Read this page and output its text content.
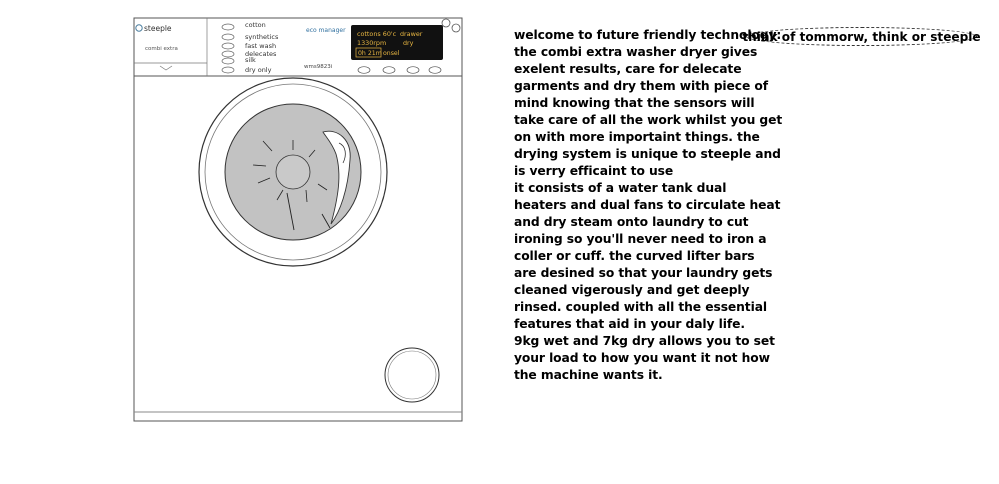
steeple
combi extra
cotton
synthetics
fast wash
delecates
silk
dry only
eco manager
wms9823i
cottons 60'c drawer
1330rpm	dry
0h 21m onsel
welcome to future friendly technology:
the combi extra washer dryer gives
exelent results, care for delecate
garments and dry them with piece of
mind knowing that the sensors will
take care of all the work whilst you get
on with more importaint things. the
drying system is unique to steeple and
is verry efficaint to use
it consists of a water tank dual
heaters and dual fans to circulate heat
and dry steam onto laundry to cut
ironing so you'll never need to iron a
coller or cuff. the curved lifter bars
are desined so that your laundry gets
cleaned vigerously and get deeply
rinsed. coupled with all the essential
features that aid in your daly life.
9kg wet and 7kg dry allows you to set
your load to how you want it not how
the machine wants it.
think of tommorw, think or steeple
